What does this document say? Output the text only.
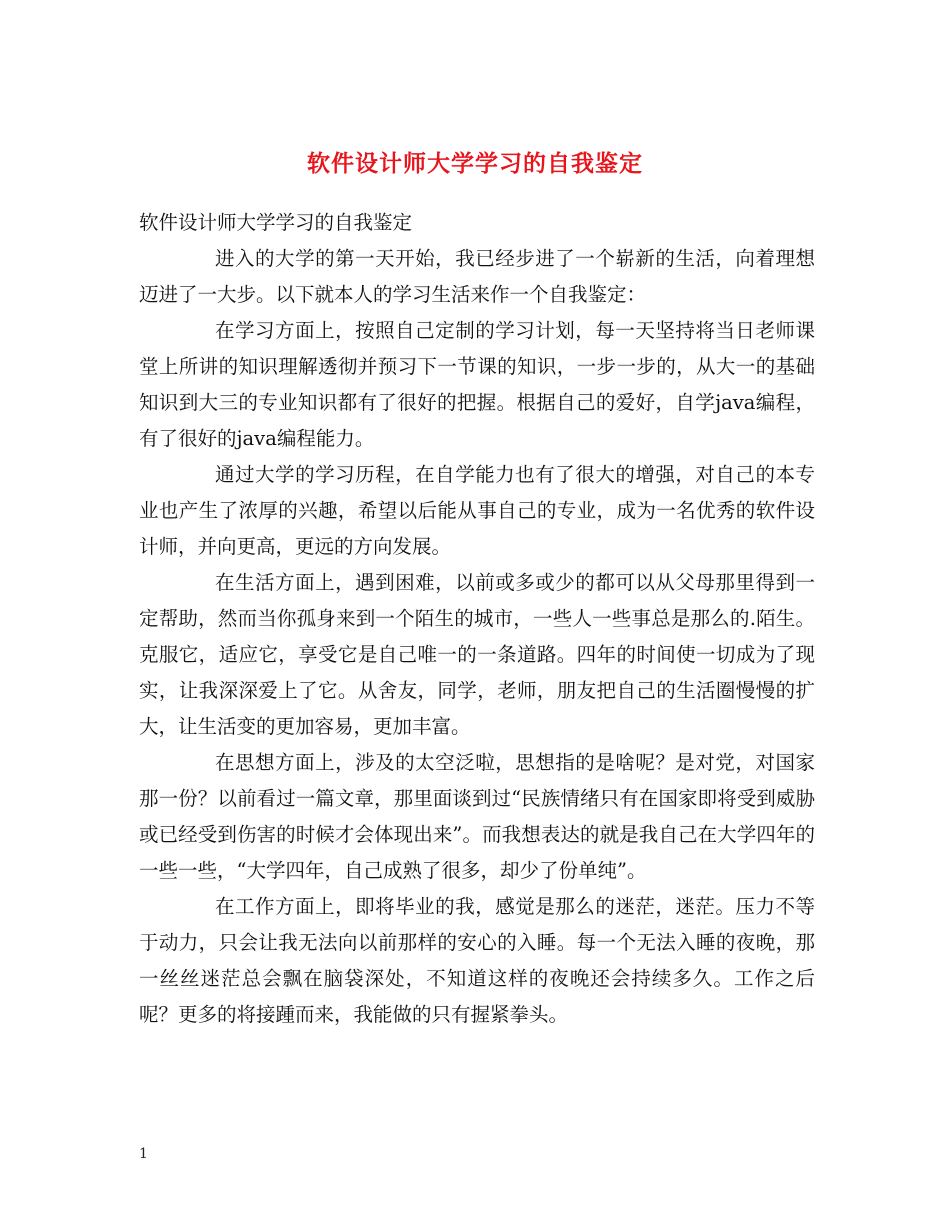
软件设计师大学学习的自我鉴定

软件设计师大学学习的自我鉴定

进入的大学的第一天开始，我已经步进了一个崭新的生活，向着理想迈进了一大步。以下就本人的学习生活来作一个自我鉴定：

在学习方面上，按照自己定制的学习计划，每一天坚持将当日老师课堂上所讲的知识理解透彻并预习下一节课的知识，一步一步的，从大一的基础知识到大三的专业知识都有了很好的把握。根据自己的爱好，自学java编程，有了很好的java编程能力。

通过大学的学习历程，在自学能力也有了很大的增强，对自己的本专业也产生了浓厚的兴趣，希望以后能从事自己的专业，成为一名优秀的软件设计师，并向更高，更远的方向发展。

在生活方面上，遇到困难，以前或多或少的都可以从父母那里得到一定帮助，然而当你孤身来到一个陌生的城市，一些人一些事总是那么的.陌生。克服它，适应它，享受它是自己唯一的一条道路。四年的时间使一切成为了现实，让我深深爱上了它。从舍友，同学，老师，朋友把自己的生活圈慢慢的扩大，让生活变的更加容易，更加丰富。

在思想方面上，涉及的太空泛啦，思想指的是啥呢？是对党，对国家那一份？以前看过一篇文章，那里面谈到过“民族情绪只有在国家即将受到威胁或已经受到伤害的时候才会体现出来”。而我想表达的就是我自己在大学四年的一些一些，“大学四年，自己成熟了很多，却少了份单纯”。

在工作方面上，即将毕业的我，感觉是那么的迷茫，迷茫。压力不等于动力，只会让我无法向以前那样的安心的入睡。每一个无法入睡的夜晚，那一丝丝迷茫总会飘在脑袋深处，不知道这样的夜晚还会持续多久。工作之后呢？更多的将接踵而来，我能做的只有握紧拳头。

1
